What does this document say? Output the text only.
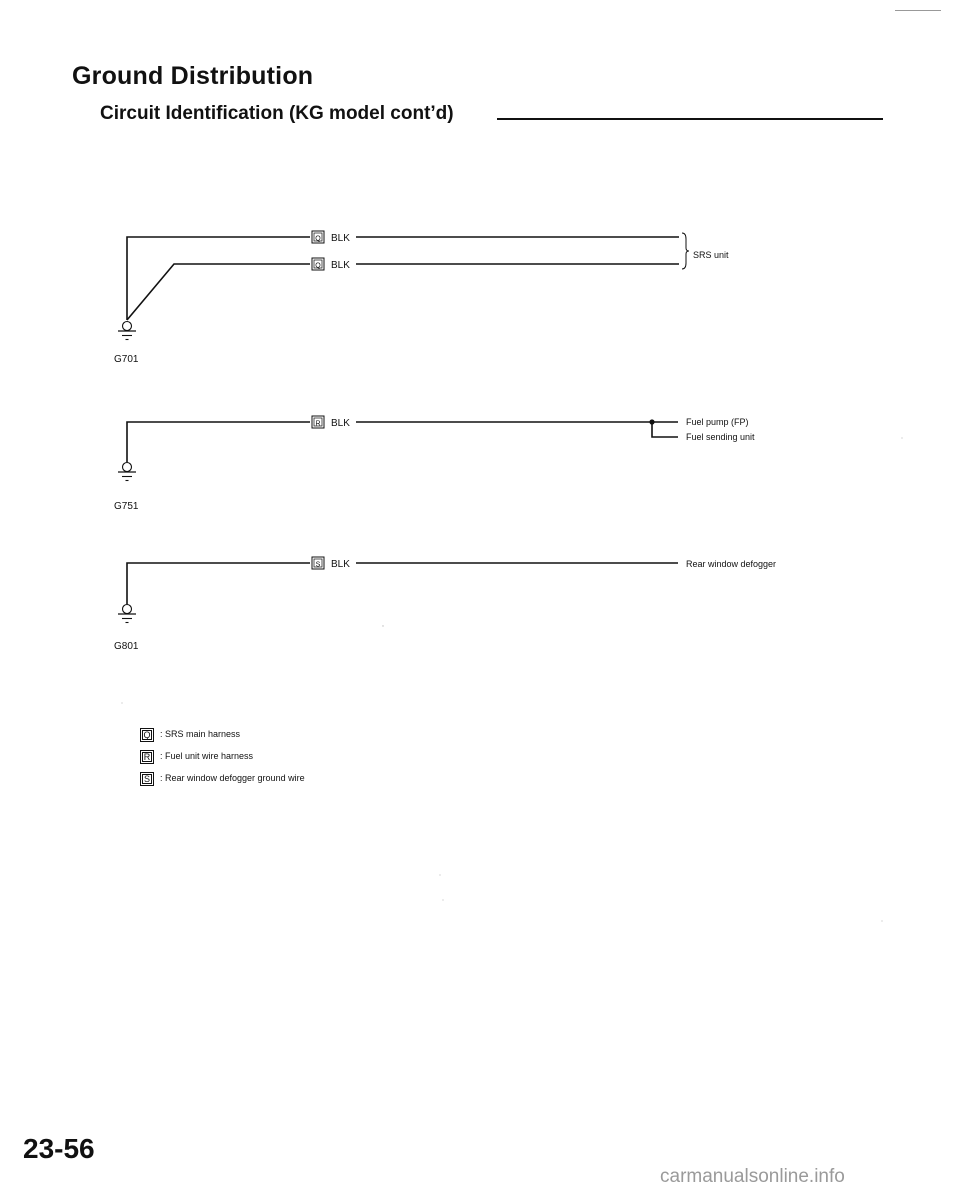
Ground Distribution
Circuit Identification (KG model cont’d)
G701
Q BLK
Q BLK
SRS unit
G751
R BLK	Fuel pump (FP)
Fuel sending unit
G801
S BLK	Rear window defogger
Q	: SRS main harness
R	: Fuel unit wire harness
S	: Rear window defogger ground wire
23-56
carmanualsonline.info
